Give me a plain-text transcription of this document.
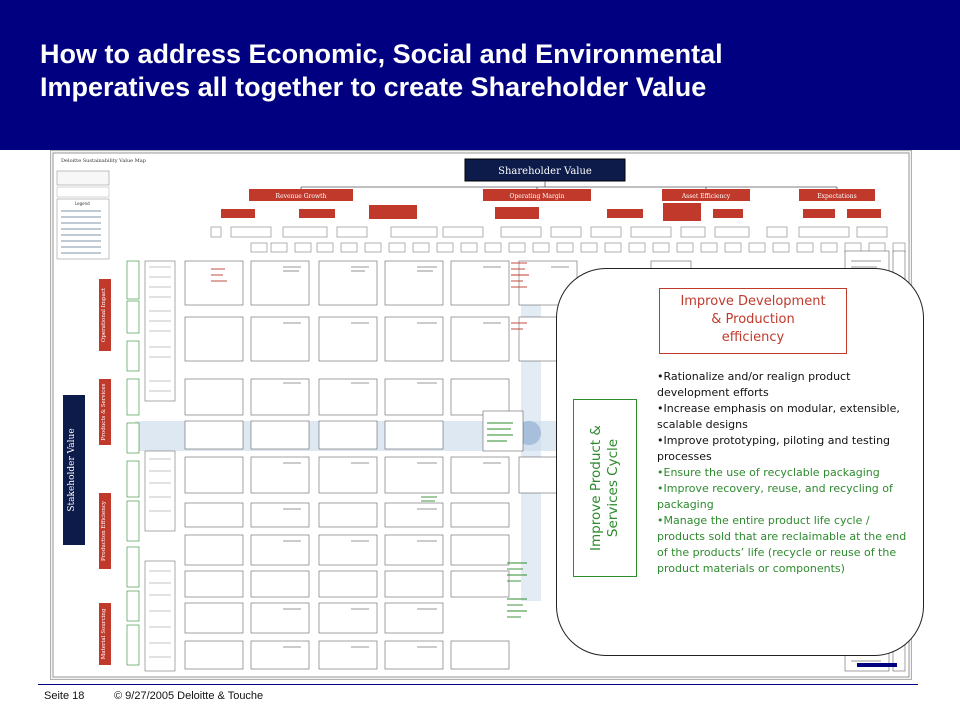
How to address Economic, Social and Environmental
Imperatives all together to create Shareholder Value
Deloitte Sustainability Value Map
Legend
Shareholder Value
Revenue Growth	Operating Margin	Asset Efficiency	Expectations
Stakeholder Value
Operational Impact
Products & Services
Production Efficiency
Material Sourcing
Improve Development
& Production
efficiency
Improve Product & Services Cycle
• Rationalize and/or realign product development efforts
• Increase emphasis on modular, extensible, scalable designs
• Improve prototyping, piloting and testing processes
• Ensure the use of recyclable packaging
• Improve recovery, reuse, and recycling of packaging
• Manage the entire product life cycle / products sold that are reclaimable at the end of the products’ life (recycle or reuse of the product materials or components)
Seite 18	© 9/27/2005 Deloitte & Touche
